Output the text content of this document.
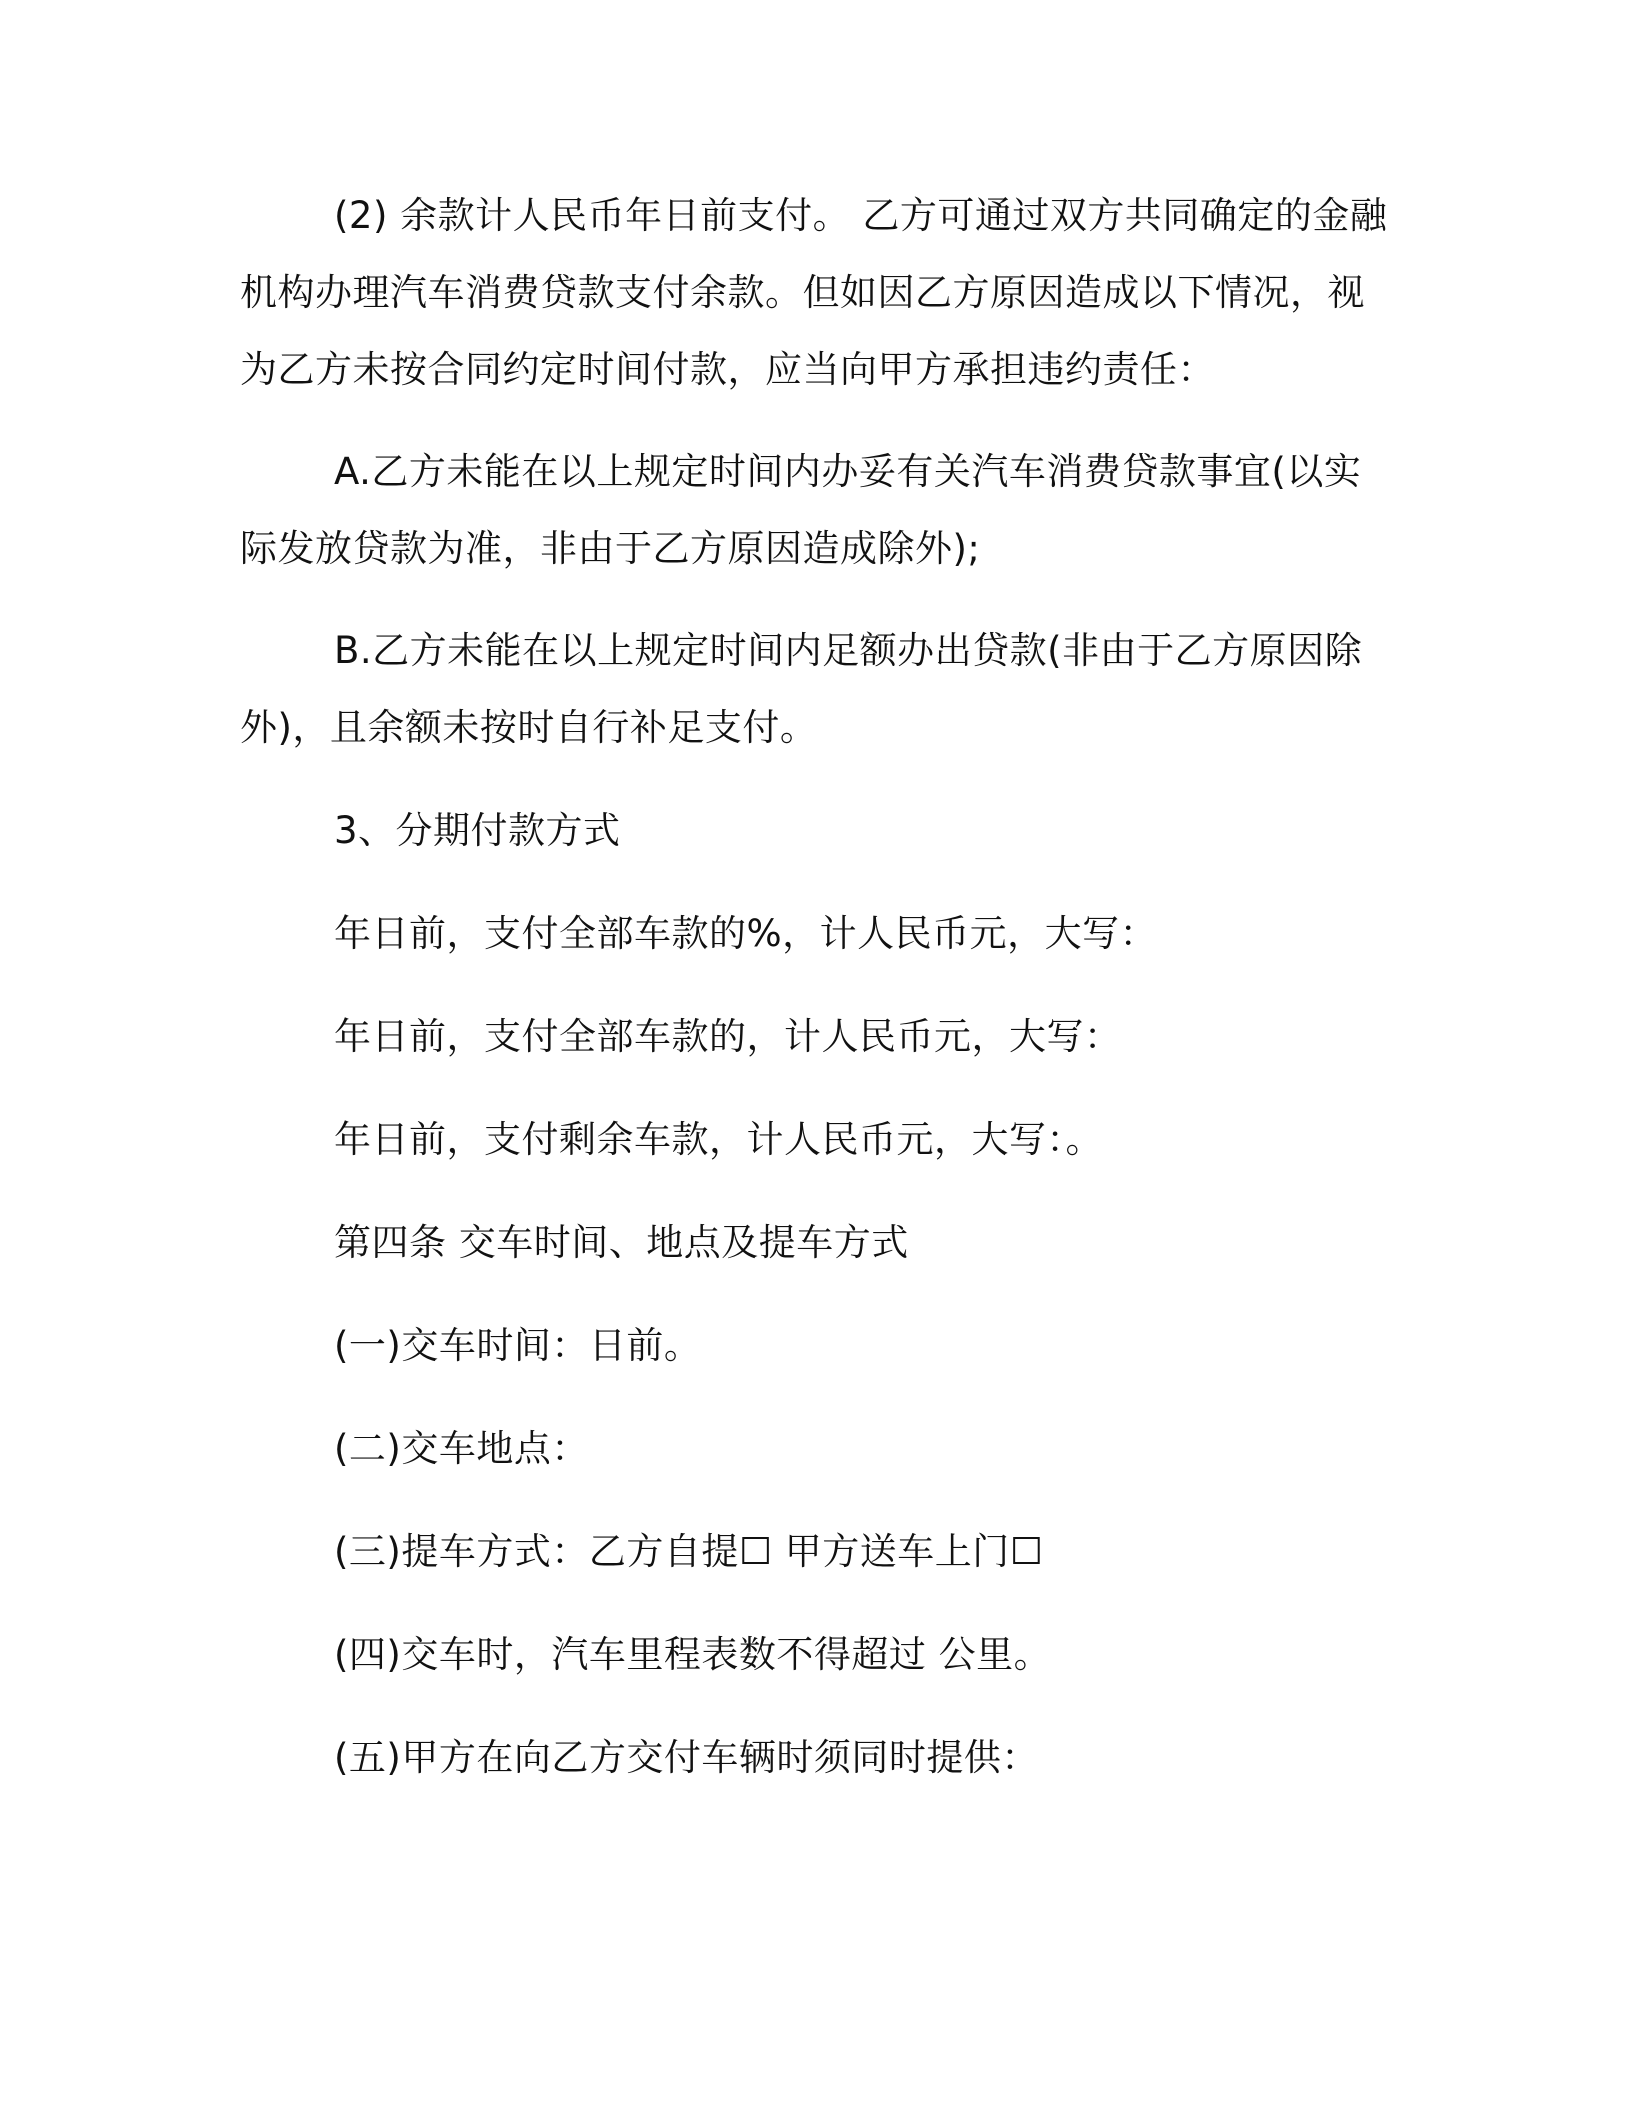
(2) 余款计人民币年日前支付。 乙方可通过双方共同确定的金融机构办理汽车消费贷款支付余款。但如因乙方原因造成以下情况，视为乙方未按合同约定时间付款，应当向甲方承担违约责任：

A.乙方未能在以上规定时间内办妥有关汽车消费贷款事宜(以实际发放贷款为准，非由于乙方原因造成除外);

B.乙方未能在以上规定时间内足额办出贷款(非由于乙方原因除外)，且余额未按时自行补足支付。

3、分期付款方式

年日前，支付全部车款的%，计人民币元，大写：

年日前，支付全部车款的，计人民币元，大写：

年日前，支付剩余车款，计人民币元，大写：。

第四条 交车时间、地点及提车方式

(一)交车时间：日前。

(二)交车地点：

(三)提车方式：乙方自提☐ 甲方送车上门☐

(四)交车时，汽车里程表数不得超过 公里。

(五)甲方在向乙方交付车辆时须同时提供：
